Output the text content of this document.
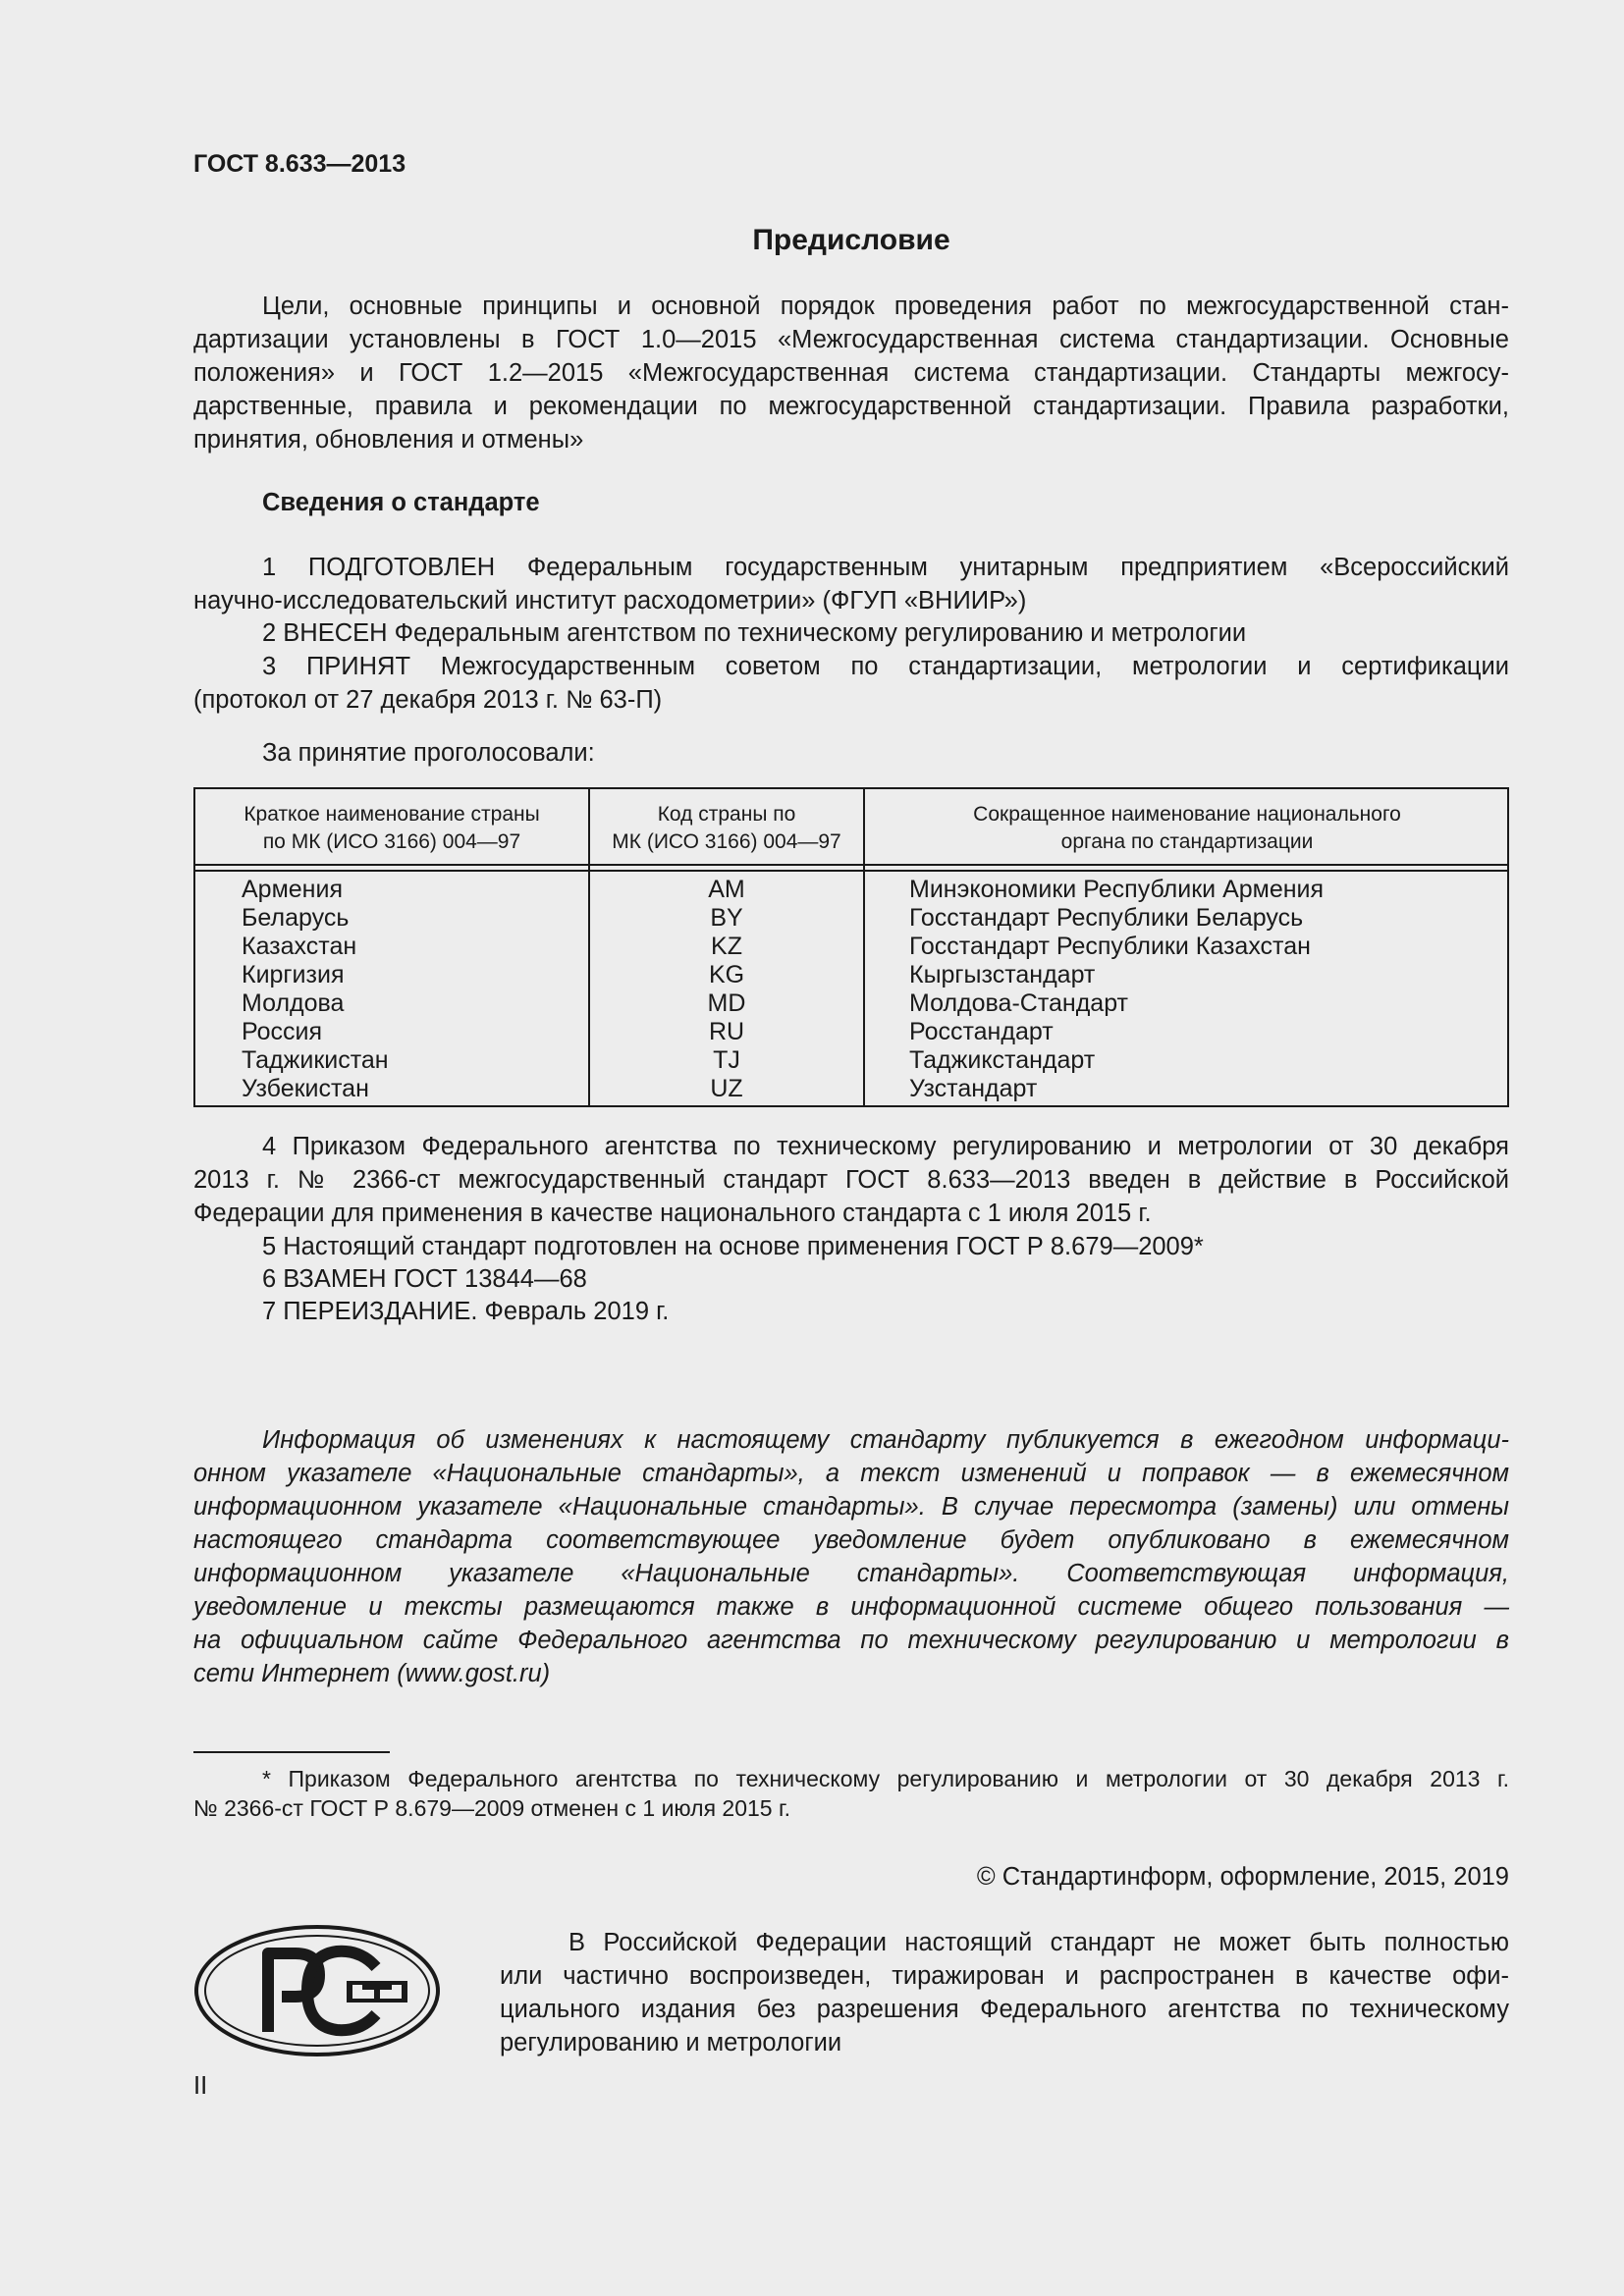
ГОСТ 8.633—2013
Предисловие
Цели, основные принципы и основной порядок проведения работ по межгосударственной стан-
дартизации установлены в ГОСТ 1.0—2015 «Межгосударственная система стандартизации. Основные
положения» и ГОСТ 1.2—2015 «Межгосударственная система стандартизации. Стандарты межгосу-
дарственные, правила и рекомендации по межгосударственной стандартизации. Правила разработки,
принятия, обновления и отмены»
Сведения о стандарте
1 ПОДГОТОВЛЕН Федеральным государственным унитарным предприятием «Всероссийский
научно-исследовательский институт расходометрии» (ФГУП «ВНИИР»)
2 ВНЕСЕН Федеральным агентством по техническому регулированию и метрологии
3 ПРИНЯТ Межгосударственным советом по стандартизации, метрологии и сертификации
(протокол от 27 декабря 2013 г. № 63-П)
За принятие проголосовали:
Краткое наименование страны
по МК (ИСО 3166) 004—97
Код страны по
МК (ИСО 3166) 004—97
Сокращенное наименование национального
органа по стандартизации
Армения
Беларусь
Казахстан
Киргизия
Молдова
Россия
Таджикистан
Узбекистан
AM
BY
KZ
KG
MD
RU
TJ
UZ
Минэкономики Республики Армения
Госстандарт Республики Беларусь
Госстандарт Республики Казахстан
Кыргызстандарт
Молдова-Стандарт
Росстандарт
Таджикстандарт
Узстандарт
4 Приказом Федерального агентства по техническому регулированию и метрологии от 30 декабря
2013 г. № 2366-ст межгосударственный стандарт ГОСТ 8.633—2013 введен в действие в Российской
Федерации для применения в качестве национального стандарта с 1 июля 2015 г.
5 Настоящий стандарт подготовлен на основе применения ГОСТ Р 8.679—2009*
6 ВЗАМЕН ГОСТ 13844—68
7 ПЕРЕИЗДАНИЕ. Февраль 2019 г.
Информация об изменениях к настоящему стандарту публикуется в ежегодном информаци-
онном указателе «Национальные стандарты», а текст изменений и поправок — в ежемесячном
информационном указателе «Национальные стандарты». В случае пересмотра (замены) или отмены
настоящего стандарта соответствующее уведомление будет опубликовано в ежемесячном
информационном указателе «Национальные стандарты». Соответствующая информация,
уведомление и тексты размещаются также в информационной системе общего пользования —
на официальном сайте Федерального агентства по техническому регулированию и метрологии в
сети Интернет (www.gost.ru)
* Приказом Федерального агентства по техническому регулированию и метрологии от 30 декабря 2013 г.
№ 2366-ст ГОСТ Р 8.679—2009 отменен с 1 июля 2015 г.
© Стандартинформ, оформление, 2015, 2019
В Российской Федерации настоящий стандарт не может быть полностью
или частично воспроизведен, тиражирован и распространен в качестве офи-
циального издания без разрешения Федерального агентства по техническому
регулированию и метрологии
II
